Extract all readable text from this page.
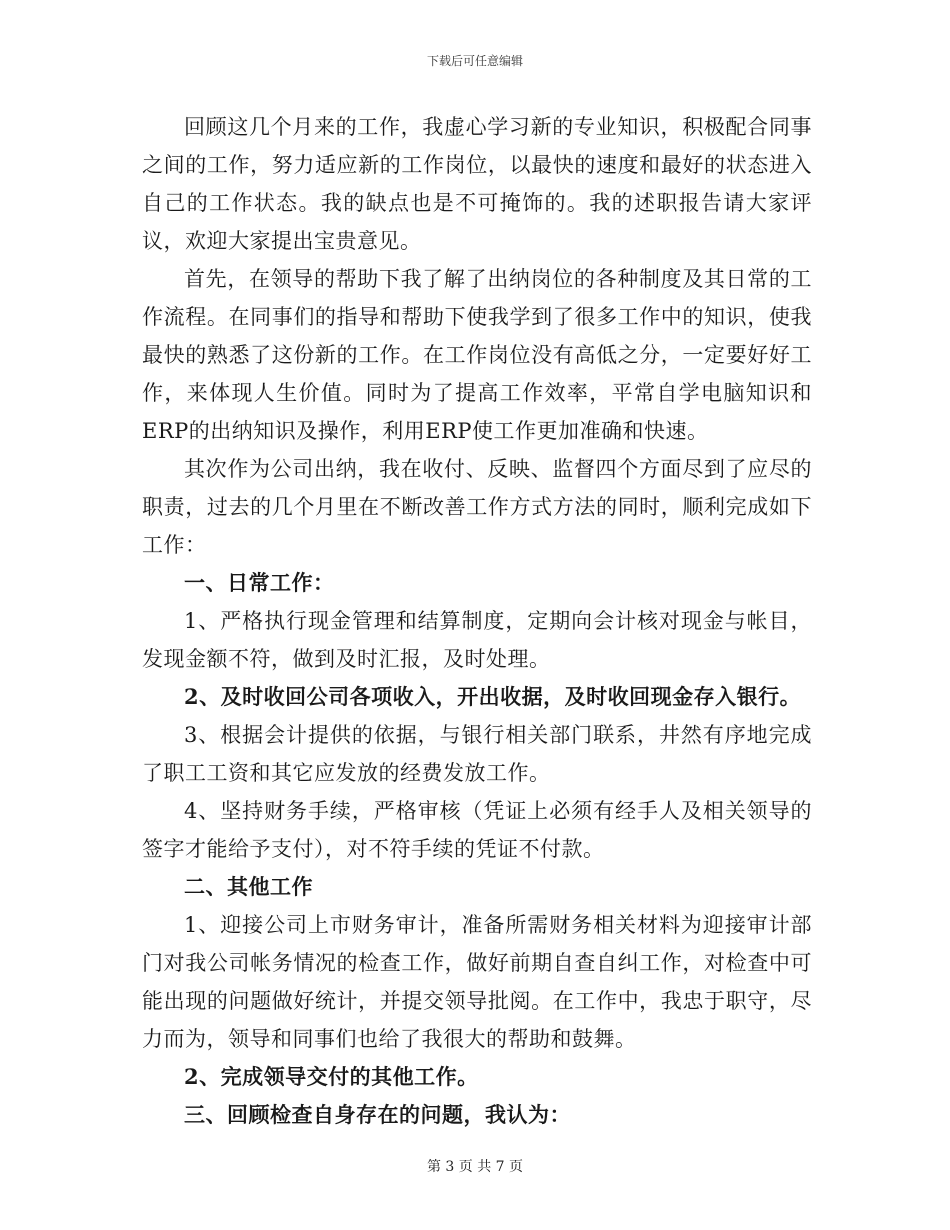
下载后可任意编辑

回顾这几个月来的工作，我虚心学习新的专业知识，积极配合同事之间的工作，努力适应新的工作岗位，以最快的速度和最好的状态进入自己的工作状态。我的缺点也是不可掩饰的。我的述职报告请大家评议，欢迎大家提出宝贵意见。

首先，在领导的帮助下我了解了出纳岗位的各种制度及其日常的工作流程。在同事们的指导和帮助下使我学到了很多工作中的知识，使我最快的熟悉了这份新的工作。在工作岗位没有高低之分，一定要好好工作，来体现人生价值。同时为了提高工作效率，平常自学电脑知识和ERP的出纳知识及操作，利用ERP使工作更加准确和快速。

其次作为公司出纳，我在收付、反映、监督四个方面尽到了应尽的职责，过去的几个月里在不断改善工作方式方法的同时，顺利完成如下工作：

一、日常工作：

1、严格执行现金管理和结算制度，定期向会计核对现金与帐目，发现金额不符，做到及时汇报，及时处理。

2、及时收回公司各项收入，开出收据，及时收回现金存入银行。

3、根据会计提供的依据，与银行相关部门联系，井然有序地完成了职工工资和其它应发放的经费发放工作。

4、坚持财务手续，严格审核（凭证上必须有经手人及相关领导的签字才能给予支付），对不符手续的凭证不付款。

二、其他工作

1、迎接公司上市财务审计，准备所需财务相关材料为迎接审计部门对我公司帐务情况的检查工作，做好前期自查自纠工作，对检查中可能出现的问题做好统计，并提交领导批阅。在工作中，我忠于职守，尽力而为，领导和同事们也给了我很大的帮助和鼓舞。

2、完成领导交付的其他工作。

三、回顾检查自身存在的问题，我认为：

第 3 页 共 7 页
